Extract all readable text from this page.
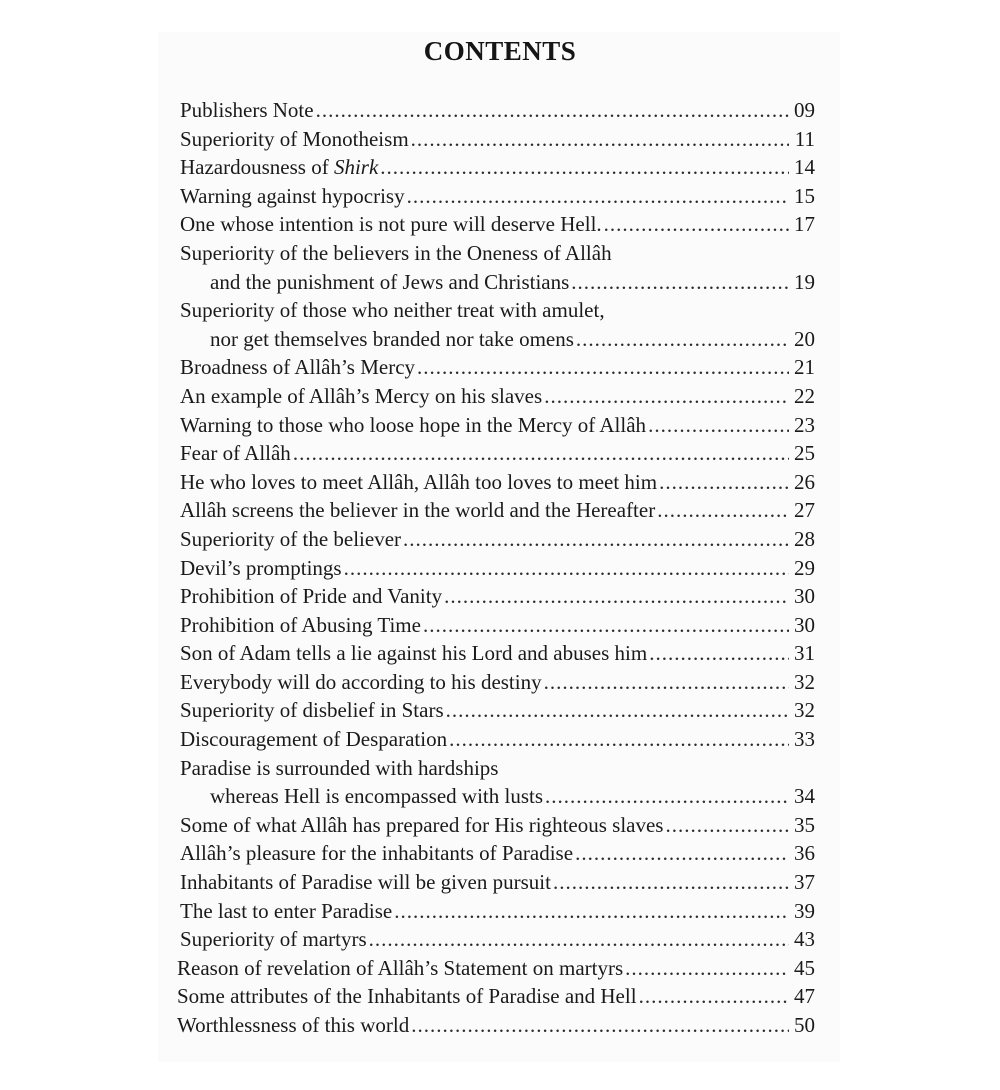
CONTENTS
Publishers Note .....	09
Superiority of Monotheism .....	11
Hazardousness of Shirk .....	14
Warning against hypocrisy .....	15
One whose intention is not pure will deserve Hell. .....	17
Superiority of the believers in the Oneness of Allâh
and the punishment of Jews and Christians .....	19
Superiority of those who neither treat with amulet,
nor get themselves branded nor take omens .....	20
Broadness of Allâh’s Mercy .....	21
An example of Allâh’s Mercy on his slaves .....	22
Warning to those who loose hope in the Mercy of Allâh .....	23
Fear of Allâh .....	25
He who loves to meet Allâh, Allâh too loves to meet him .....	26
Allâh screens the believer in the world and the Hereafter .....	27
Superiority of the believer .....	28
Devil’s promptings .....	29
Prohibition of Pride and Vanity .....	30
Prohibition of Abusing Time .....	30
Son of Adam tells a lie against his Lord and abuses him .....	31
Everybody will do according to his destiny .....	32
Superiority of disbelief in Stars .....	32
Discouragement of Desparation .....	33
Paradise is surrounded with hardships
whereas Hell is encompassed with lusts .....	34
Some of what Allâh has prepared for His righteous slaves .....	35
Allâh’s pleasure for the inhabitants of Paradise .....	36
Inhabitants of Paradise will be given pursuit .....	37
The last to enter Paradise .....	39
Superiority of martyrs .....	43
Reason of revelation of Allâh’s Statement on martyrs .....	45
Some attributes of the Inhabitants of Paradise and Hell .....	47
Worthlessness of this world .....	50
